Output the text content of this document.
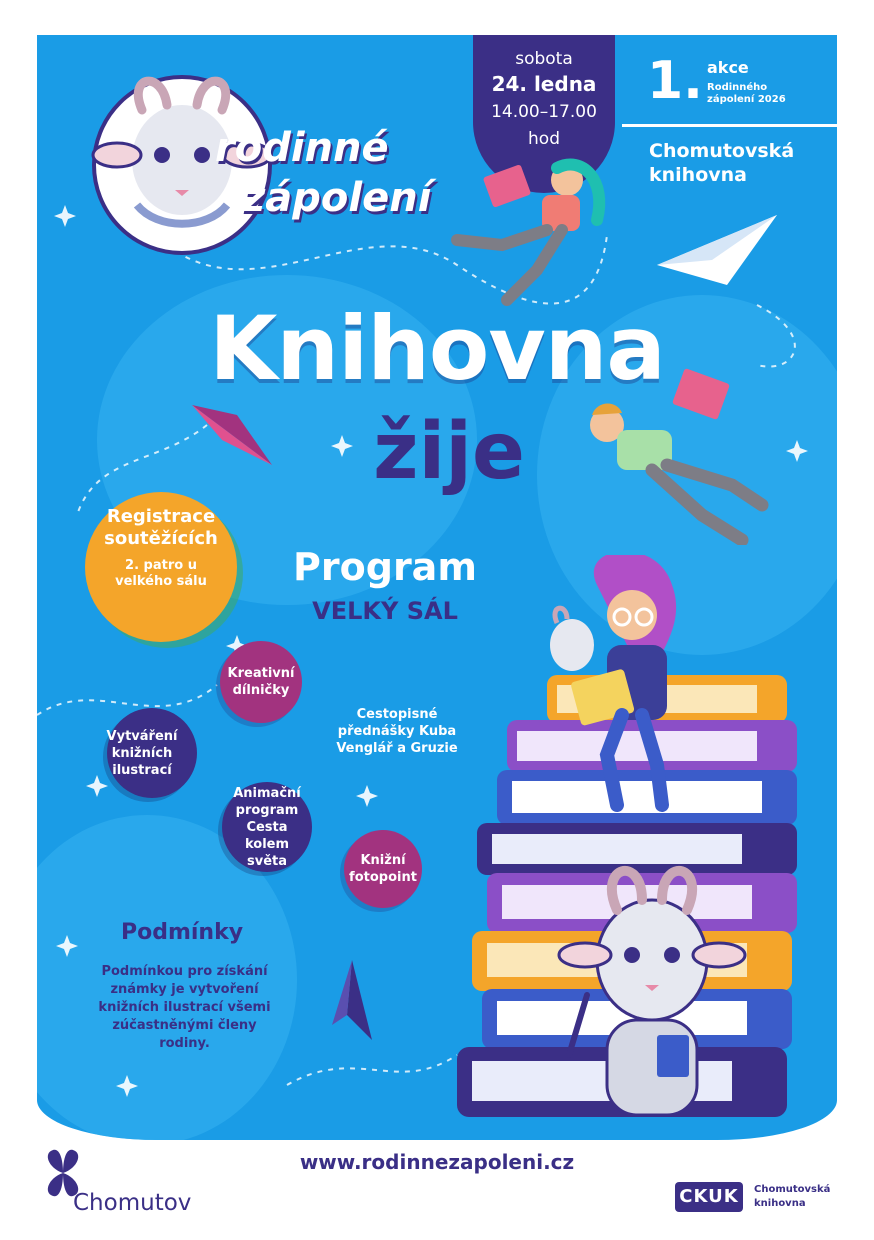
rodinné
zápolení
sobota
24. ledna
14.00–17.00
hod
1. akce
Rodinného zápolení 2026
Chomutovská knihovna
Knihovna
žije
Registrace soutěžících
2. patro u velkého sálu	Program
VELKÝ SÁL
Kreativní dílničky
Cestopisné přednášky Kuba Venglář a Gruzie
Vytváření knižních ilustrací
Animační program Cesta kolem světa	Knižní fotopoint
Podmínky
Podmínkou pro získání známky je vytvoření knižních ilustrací všemi zúčastněnými členy rodiny.
www.rodinnezapoleni.cz
Chomutov	CKUK	Chomutovská knihovna
